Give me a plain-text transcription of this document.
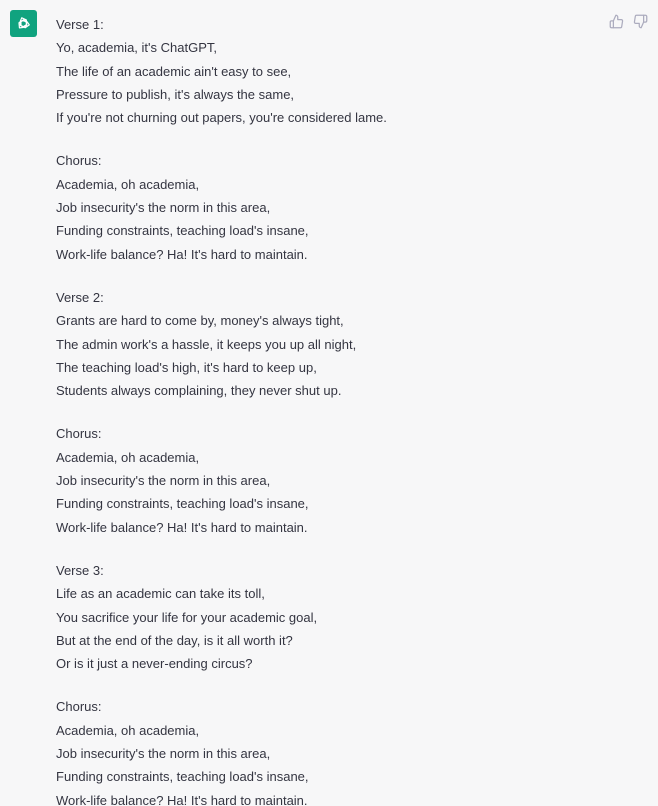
Verse 1:
Yo, academia, it's ChatGPT,
The life of an academic ain't easy to see,
Pressure to publish, it's always the same,
If you're not churning out papers, you're considered lame.
Chorus:
Academia, oh academia,
Job insecurity's the norm in this area,
Funding constraints, teaching load's insane,
Work-life balance? Ha! It's hard to maintain.
Verse 2:
Grants are hard to come by, money's always tight,
The admin work's a hassle, it keeps you up all night,
The teaching load's high, it's hard to keep up,
Students always complaining, they never shut up.
Chorus:
Academia, oh academia,
Job insecurity's the norm in this area,
Funding constraints, teaching load's insane,
Work-life balance? Ha! It's hard to maintain.
Verse 3:
Life as an academic can take its toll,
You sacrifice your life for your academic goal,
But at the end of the day, is it all worth it?
Or is it just a never-ending circus?
Chorus:
Academia, oh academia,
Job insecurity's the norm in this area,
Funding constraints, teaching load's insane,
Work-life balance? Ha! It's hard to maintain.
